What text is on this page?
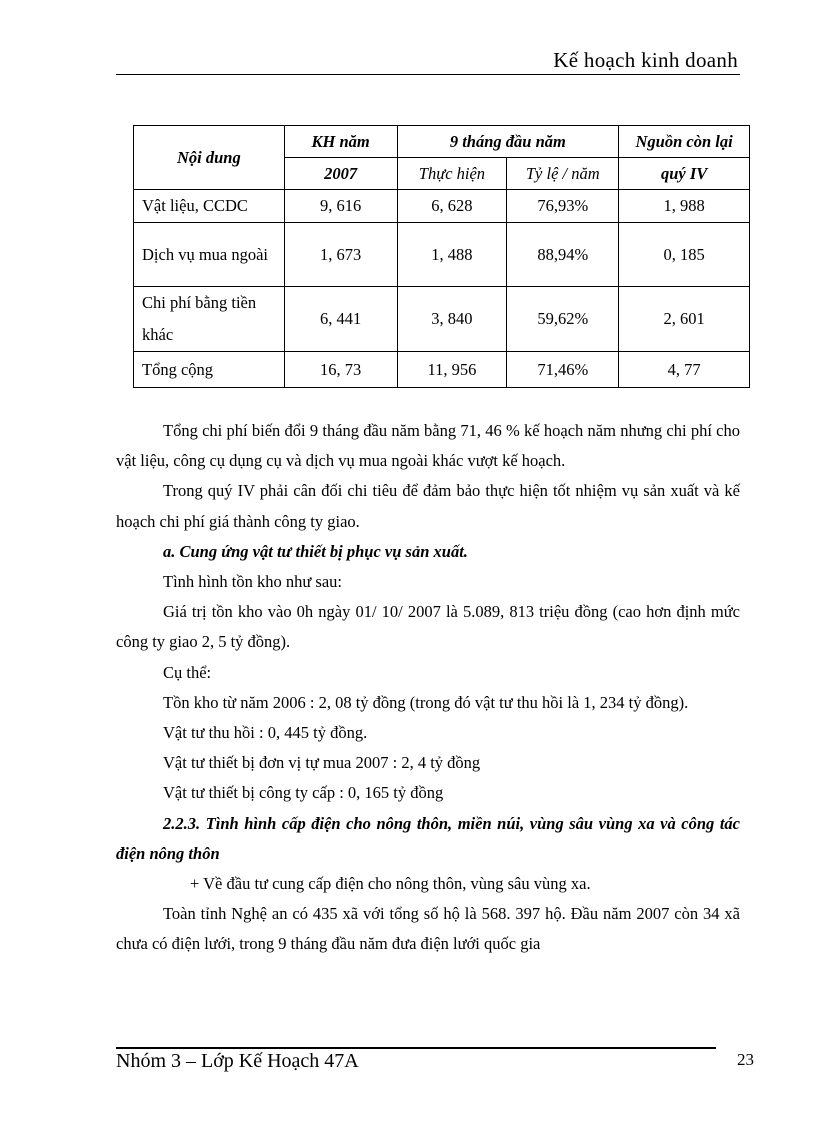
Kế hoạch kinh doanh
Nội dung	KH năm	9 tháng đầu năm		Nguồn còn lại
	2007	Thực hiện	Tỷ lệ / năm	quý IV
Vật liệu, CCDC	9, 616	6, 628	76,93%	1, 988
Dịch vụ mua ngoài	1, 673	1, 488	88,94%	0, 185
Chi phí bằng tiền khác	6, 441	3, 840	59,62%	2, 601
Tổng cộng	16, 73	11, 956	71,46%	4, 77

Tổng chi phí biến đổi 9 tháng đầu năm bằng 71, 46 % kế hoạch năm nhưng chi phí cho vật liệu, công cụ dụng cụ và dịch vụ mua ngoài khác vượt kế hoạch.

Trong quý IV phải cân đối chi tiêu để đảm bảo thực hiện tốt nhiệm vụ sản xuất và kế hoạch chi phí giá thành công ty giao.

a. Cung ứng vật tư thiết bị phục vụ sản xuất.

Tình hình tồn kho như sau:

Giá trị tồn kho vào 0h ngày 01/ 10/ 2007 là 5.089, 813 triệu đồng (cao hơn định mức công ty giao 2, 5 tỷ đồng).

Cụ thể:

Tồn kho từ năm 2006 : 2, 08 tỷ đồng (trong đó vật tư thu hồi là 1, 234 tỷ đồng).

Vật tư thu hồi : 0, 445 tỷ đồng.

Vật tư thiết bị đơn vị tự mua 2007 : 2, 4 tỷ đồng

Vật tư thiết bị công ty cấp : 0, 165 tỷ đồng

2.2.3. Tình hình cấp điện cho nông thôn, miền núi, vùng sâu vùng xa và công tác điện nông thôn

+ Về đầu tư cung cấp điện cho nông thôn, vùng sâu vùng xa.

Toàn tỉnh Nghệ an có 435 xã với tổng số hộ là 568. 397 hộ. Đầu năm 2007 còn 34 xã chưa có điện lưới, trong 9 tháng đầu năm đưa điện lưới quốc gia

Nhóm 3 – Lớp Kế Hoạch 47A	23
